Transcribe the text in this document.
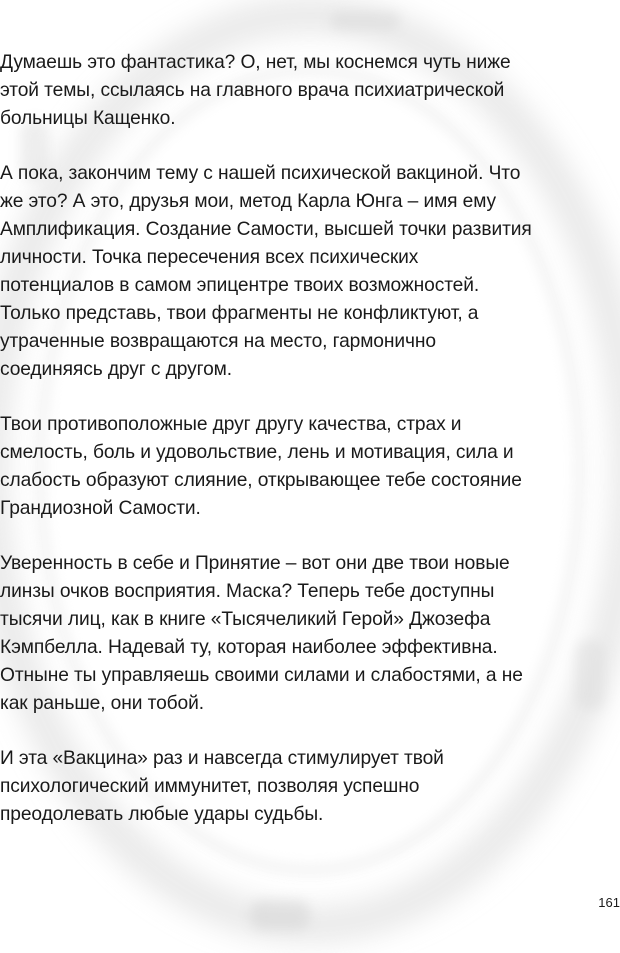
Думаешь это фантастика? О, нет, мы коснемся чуть ниже
этой темы, ссылаясь на главного врача психиатрической
больницы Кащенко.

А пока, закончим тему с нашей психической вакциной. Что
же это? А это, друзья мои, метод Карла Юнга – имя ему
Амплификация. Создание Самости, высшей точки развития
личности. Точка пересечения всех психических
потенциалов в самом эпицентре твоих возможностей.
Только представь, твои фрагменты не конфликтуют, а
утраченные возвращаются на место, гармонично
соединяясь друг с другом.

Твои противоположные друг другу качества, страх и
смелость, боль и удовольствие, лень и мотивация, сила и
слабость образуют слияние, открывающее тебе состояние
Грандиозной Самости.

Уверенность в себе и Принятие – вот они две твои новые
линзы очков восприятия. Маска? Теперь тебе доступны
тысячи лиц, как в книге «Тысячеликий Герой» Джозефа
Кэмпбелла. Надевай ту, которая наиболее эффективна.
Отныне ты управляешь своими силами и слабостями, а не
как раньше, они тобой.

И эта «Вакцина» раз и навсегда стимулирует твой
психологический иммунитет, позволяя успешно
преодолевать любые удары судьбы.

161
